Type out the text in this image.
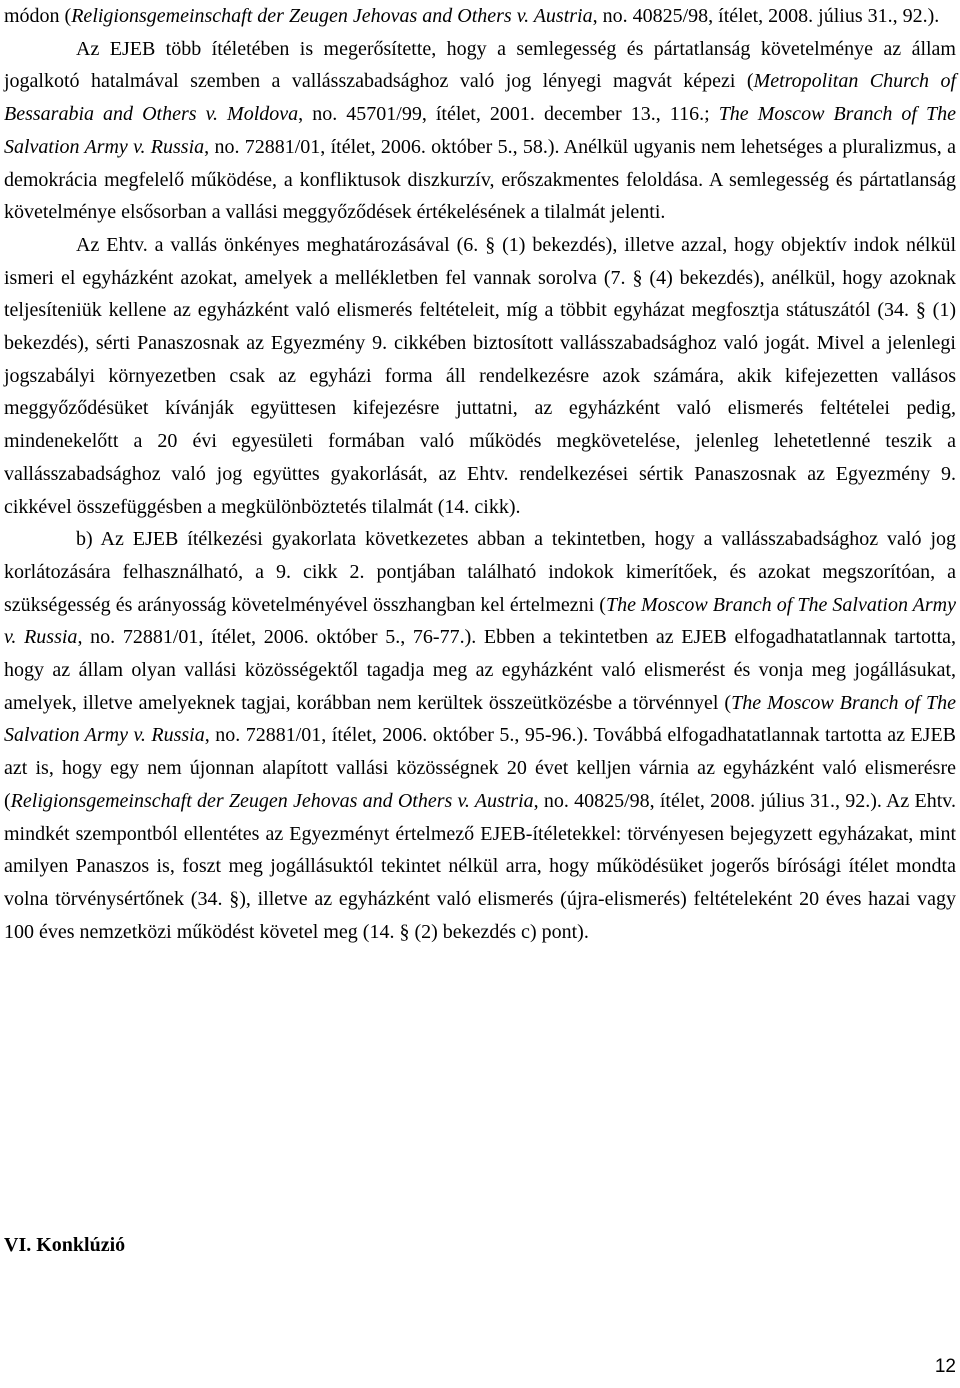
módon (Religionsgemeinschaft der Zeugen Jehovas and Others v. Austria, no. 40825/98, ítélet, 2008. július 31., 92.).

Az EJEB több ítéletében is megerősítette, hogy a semlegesség és pártatlanság követelménye az állam jogalkotó hatalmával szemben a vallásszabadsághoz való jog lényegi magvát képezi (Metropolitan Church of Bessarabia and Others v. Moldova, no. 45701/99, ítélet, 2001. december 13., 116.; The Moscow Branch of The Salvation Army v. Russia, no. 72881/01, ítélet, 2006. október 5., 58.). Anélkül ugyanis nem lehetséges a pluralizmus, a demokrácia megfelelő működése, a konfliktusok diszkurzív, erőszakmentes feloldása. A semlegesség és pártatlanság követelménye elsősorban a vallási meggyőződések értékelésének a tilalmát jelenti.

Az Ehtv. a vallás önkényes meghatározásával (6. § (1) bekezdés), illetve azzal, hogy objektív indok nélkül ismeri el egyházként azokat, amelyek a mellékletben fel vannak sorolva (7. § (4) bekezdés), anélkül, hogy azoknak teljesíteniük kellene az egyházként való elismerés feltételeit, míg a többit egyházat megfosztja státuszától (34. § (1) bekezdés), sérti Panaszosnak az Egyezmény 9. cikkében biztosított vallásszabadsághoz való jogát. Mivel a jelenlegi jogszabályi környezetben csak az egyházi forma áll rendelkezésre azok számára, akik kifejezetten vallásos meggyőződésüket kívánják együttesen kifejezésre juttatni, az egyházként való elismerés feltételei pedig, mindenekelőtt a 20 évi egyesületi formában való működés megkövetelése, jelenleg lehetetlenné teszik a vallásszabadsághoz való jog együttes gyakorlását, az Ehtv. rendelkezései sértik Panaszosnak az Egyezmény 9. cikkével összefüggésben a megkülönböztetés tilalmát (14. cikk).

b) Az EJEB ítélkezési gyakorlata következetes abban a tekintetben, hogy a vallásszabadsághoz való jog korlátozására felhasználható, a 9. cikk 2. pontjában található indokok kimerítőek, és azokat megszorítóan, a szükségesség és arányosság követelményével összhangban kel értelmezni (The Moscow Branch of The Salvation Army v. Russia, no. 72881/01, ítélet, 2006. október 5., 76-77.). Ebben a tekintetben az EJEB elfogadhatatlannak tartotta, hogy az állam olyan vallási közösségektől tagadja meg az egyházként való elismerést és vonja meg jogállásukat, amelyek, illetve amelyeknek tagjai, korábban nem kerültek összeütközésbe a törvénnyel (The Moscow Branch of The Salvation Army v. Russia, no. 72881/01, ítélet, 2006. október 5., 95-96.). Továbbá elfogadhatatlannak tartotta az EJEB azt is, hogy egy nem újonnan alapított vallási közösségnek 20 évet kelljen várnia az egyházként való elismerésre (Religionsgemeinschaft der Zeugen Jehovas and Others v. Austria, no. 40825/98, ítélet, 2008. július 31., 92.). Az Ehtv. mindkét szempontból ellentétes az Egyezményt értelmező EJEB-ítéletekkel: törvényesen bejegyzett egyházakat, mint amilyen Panaszos is, foszt meg jogállásuktól tekintet nélkül arra, hogy működésüket jogerős bírósági ítélet mondta volna törvénysértőnek (34. §), illetve az egyházként való elismerés (újra-elismerés) feltételeként 20 éves hazai vagy 100 éves nemzetközi működést követel meg (14. § (2) bekezdés c) pont).

VI. Konklúzió
12
